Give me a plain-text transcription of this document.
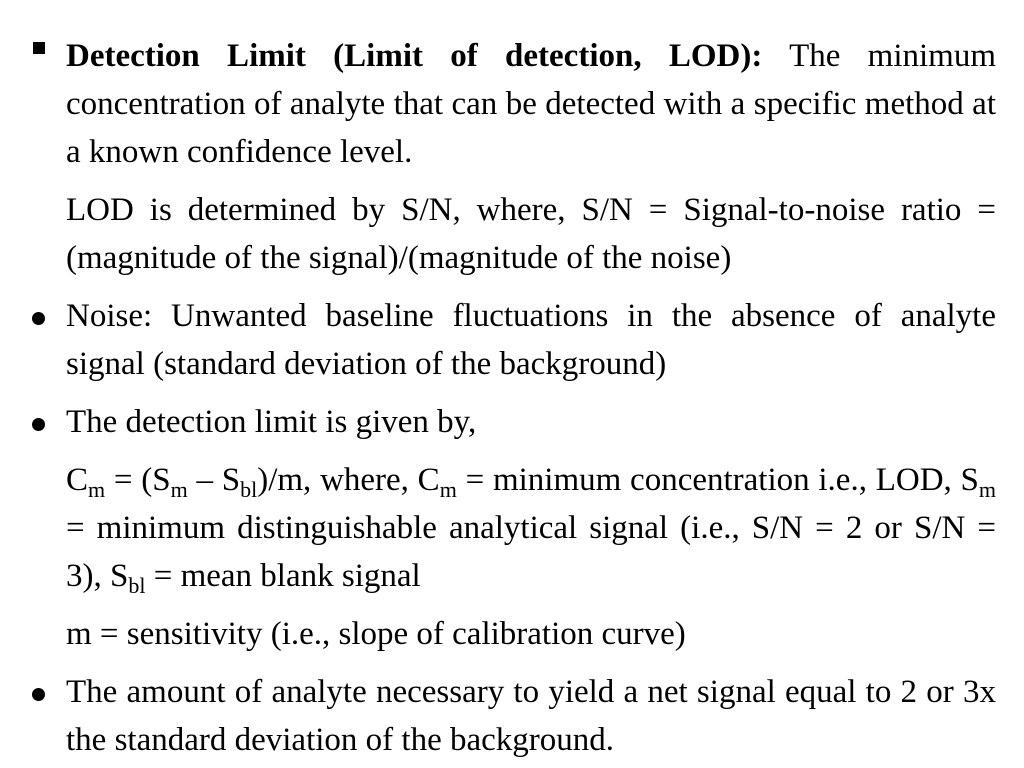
Detection Limit (Limit of detection, LOD): The minimum concentration of analyte that can be detected with a specific method at a known confidence level.

LOD is determined by S/N, where, S/N = Signal-to-noise ratio = (magnitude of the signal)/(magnitude of the noise)

Noise: Unwanted baseline fluctuations in the absence of analyte signal (standard deviation of the background)

The detection limit is given by,

$C_m = (S_m - S_{bl})/m$, where, $C_m$ = minimum concentration i.e., LOD, $S_m$ = minimum distinguishable analytical signal (i.e., S/N = 2 or S/N = 3), $S_{bl}$ = mean blank signal

m = sensitivity (i.e., slope of calibration curve)

The amount of analyte necessary to yield a net signal equal to 2 or 3x the standard deviation of the background.
